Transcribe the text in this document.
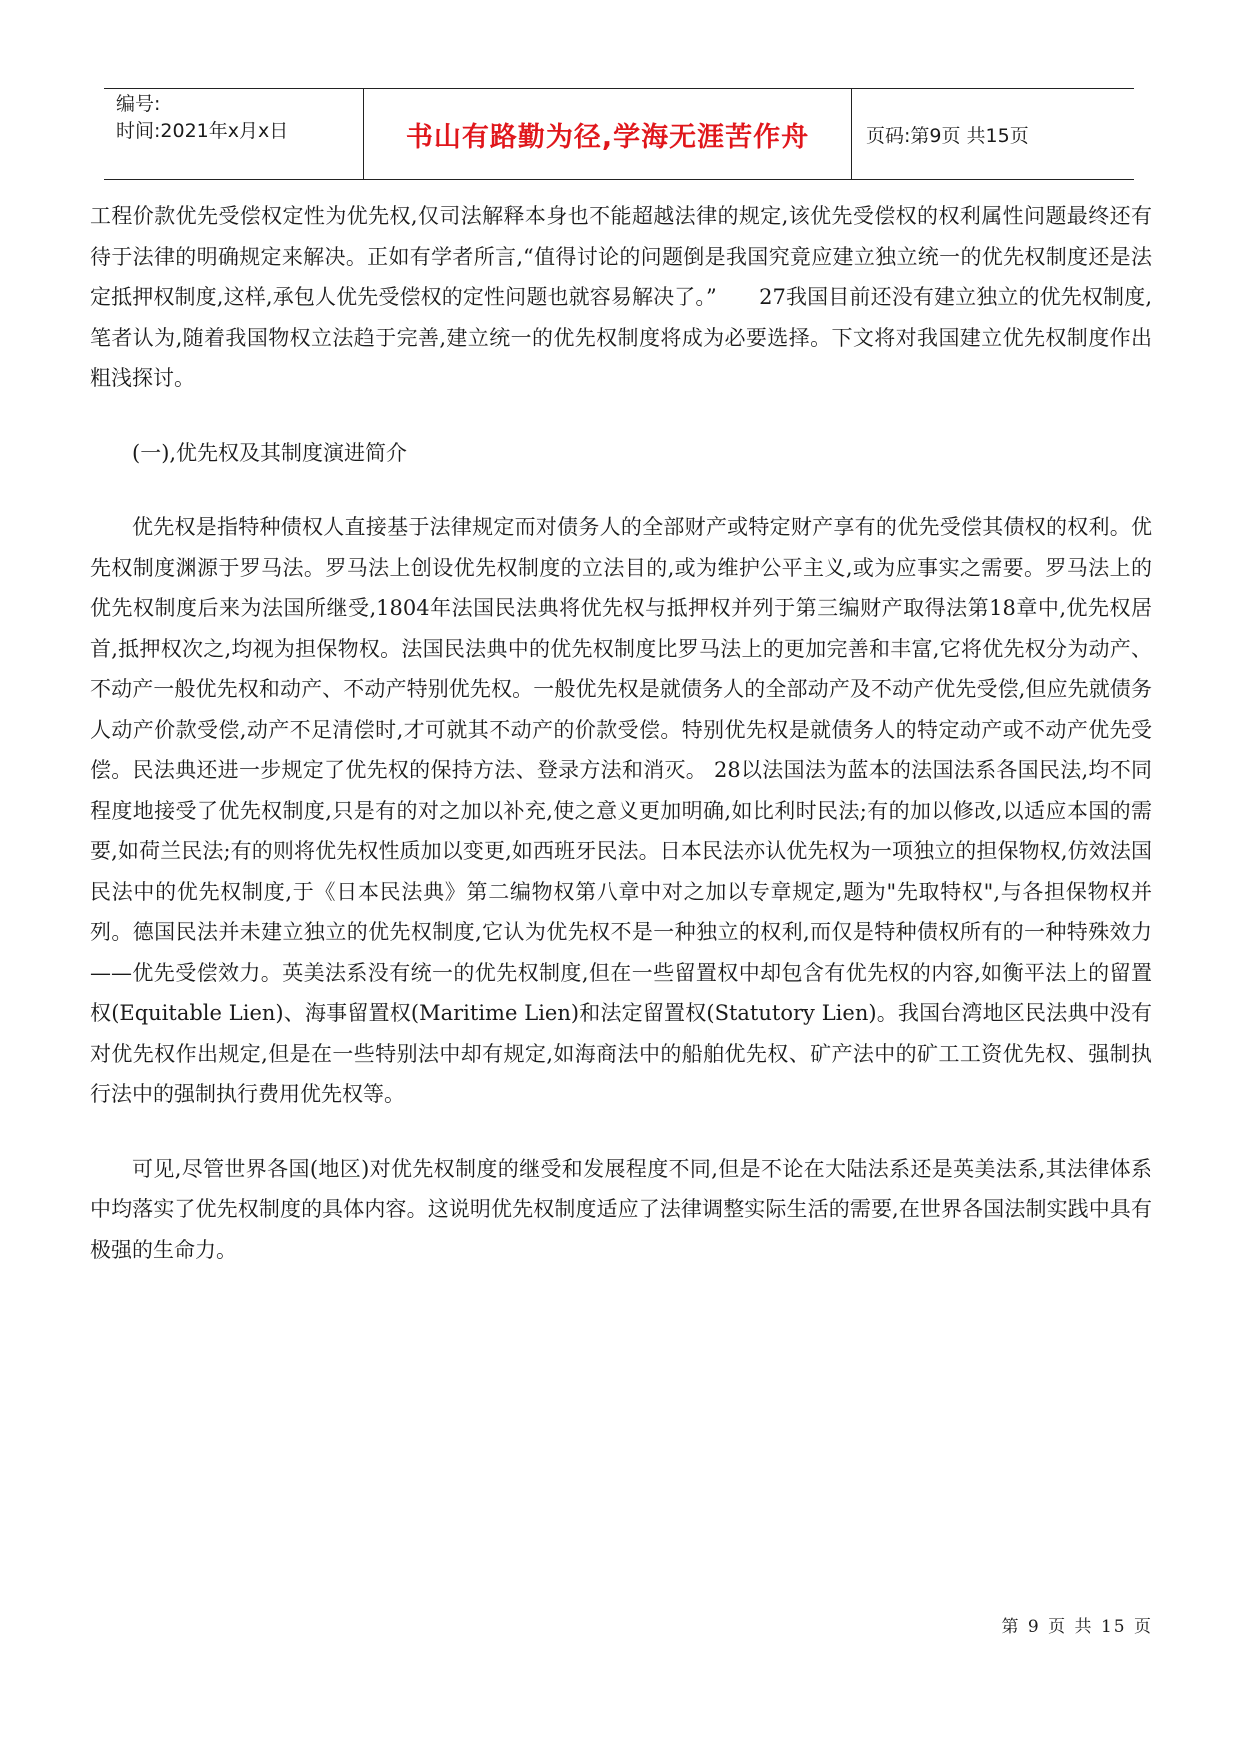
编号:
时间:2021年x月x日	书山有路勤为径,学海无涯苦作舟	页码:第9页 共15页

工程价款优先受偿权定性为优先权,仅司法解释本身也不能超越法律的规定,该优先受偿权的权利属性问题最终还有待于法律的明确规定来解决。正如有学者所言,“值得讨论的问题倒是我国究竟应建立独立统一的优先权制度还是法定抵押权制度,这样,承包人优先受偿权的定性问题也就容易解决了。”　　27我国目前还没有建立独立的优先权制度,笔者认为,随着我国物权立法趋于完善,建立统一的优先权制度将成为必要选择。下文将对我国建立优先权制度作出粗浅探讨。

(一),优先权及其制度演进简介

优先权是指特种债权人直接基于法律规定而对债务人的全部财产或特定财产享有的优先受偿其债权的权利。优先权制度渊源于罗马法。罗马法上创设优先权制度的立法目的,或为维护公平主义,或为应事实之需要。罗马法上的优先权制度后来为法国所继受,1804年法国民法典将优先权与抵押权并列于第三编财产取得法第18章中,优先权居首,抵押权次之,均视为担保物权。法国民法典中的优先权制度比罗马法上的更加完善和丰富,它将优先权分为动产、不动产一般优先权和动产、不动产特别优先权。一般优先权是就债务人的全部动产及不动产优先受偿,但应先就债务人动产价款受偿,动产不足清偿时,才可就其不动产的价款受偿。特别优先权是就债务人的特定动产或不动产优先受偿。民法典还进一步规定了优先权的保持方法、登录方法和消灭。 28以法国法为蓝本的法国法系各国民法,均不同程度地接受了优先权制度,只是有的对之加以补充,使之意义更加明确,如比利时民法;有的加以修改,以适应本国的需要,如荷兰民法;有的则将优先权性质加以变更,如西班牙民法。日本民法亦认优先权为一项独立的担保物权,仿效法国民法中的优先权制度,于《日本民法典》第二编物权第八章中对之加以专章规定,题为"先取特权",与各担保物权并列。德国民法并未建立独立的优先权制度,它认为优先权不是一种独立的权利,而仅是特种债权所有的一种特殊效力——优先受偿效力。英美法系没有统一的优先权制度,但在一些留置权中却包含有优先权的内容,如衡平法上的留置权(Equitable Lien)、海事留置权(Maritime Lien)和法定留置权(Statutory Lien)。我国台湾地区民法典中没有对优先权作出规定,但是在一些特别法中却有规定,如海商法中的船舶优先权、矿产法中的矿工工资优先权、强制执行法中的强制执行费用优先权等。

可见,尽管世界各国(地区)对优先权制度的继受和发展程度不同,但是不论在大陆法系还是英美法系,其法律体系中均落实了优先权制度的具体内容。这说明优先权制度适应了法律调整实际生活的需要,在世界各国法制实践中具有极强的生命力。

第 9 页 共 15 页
